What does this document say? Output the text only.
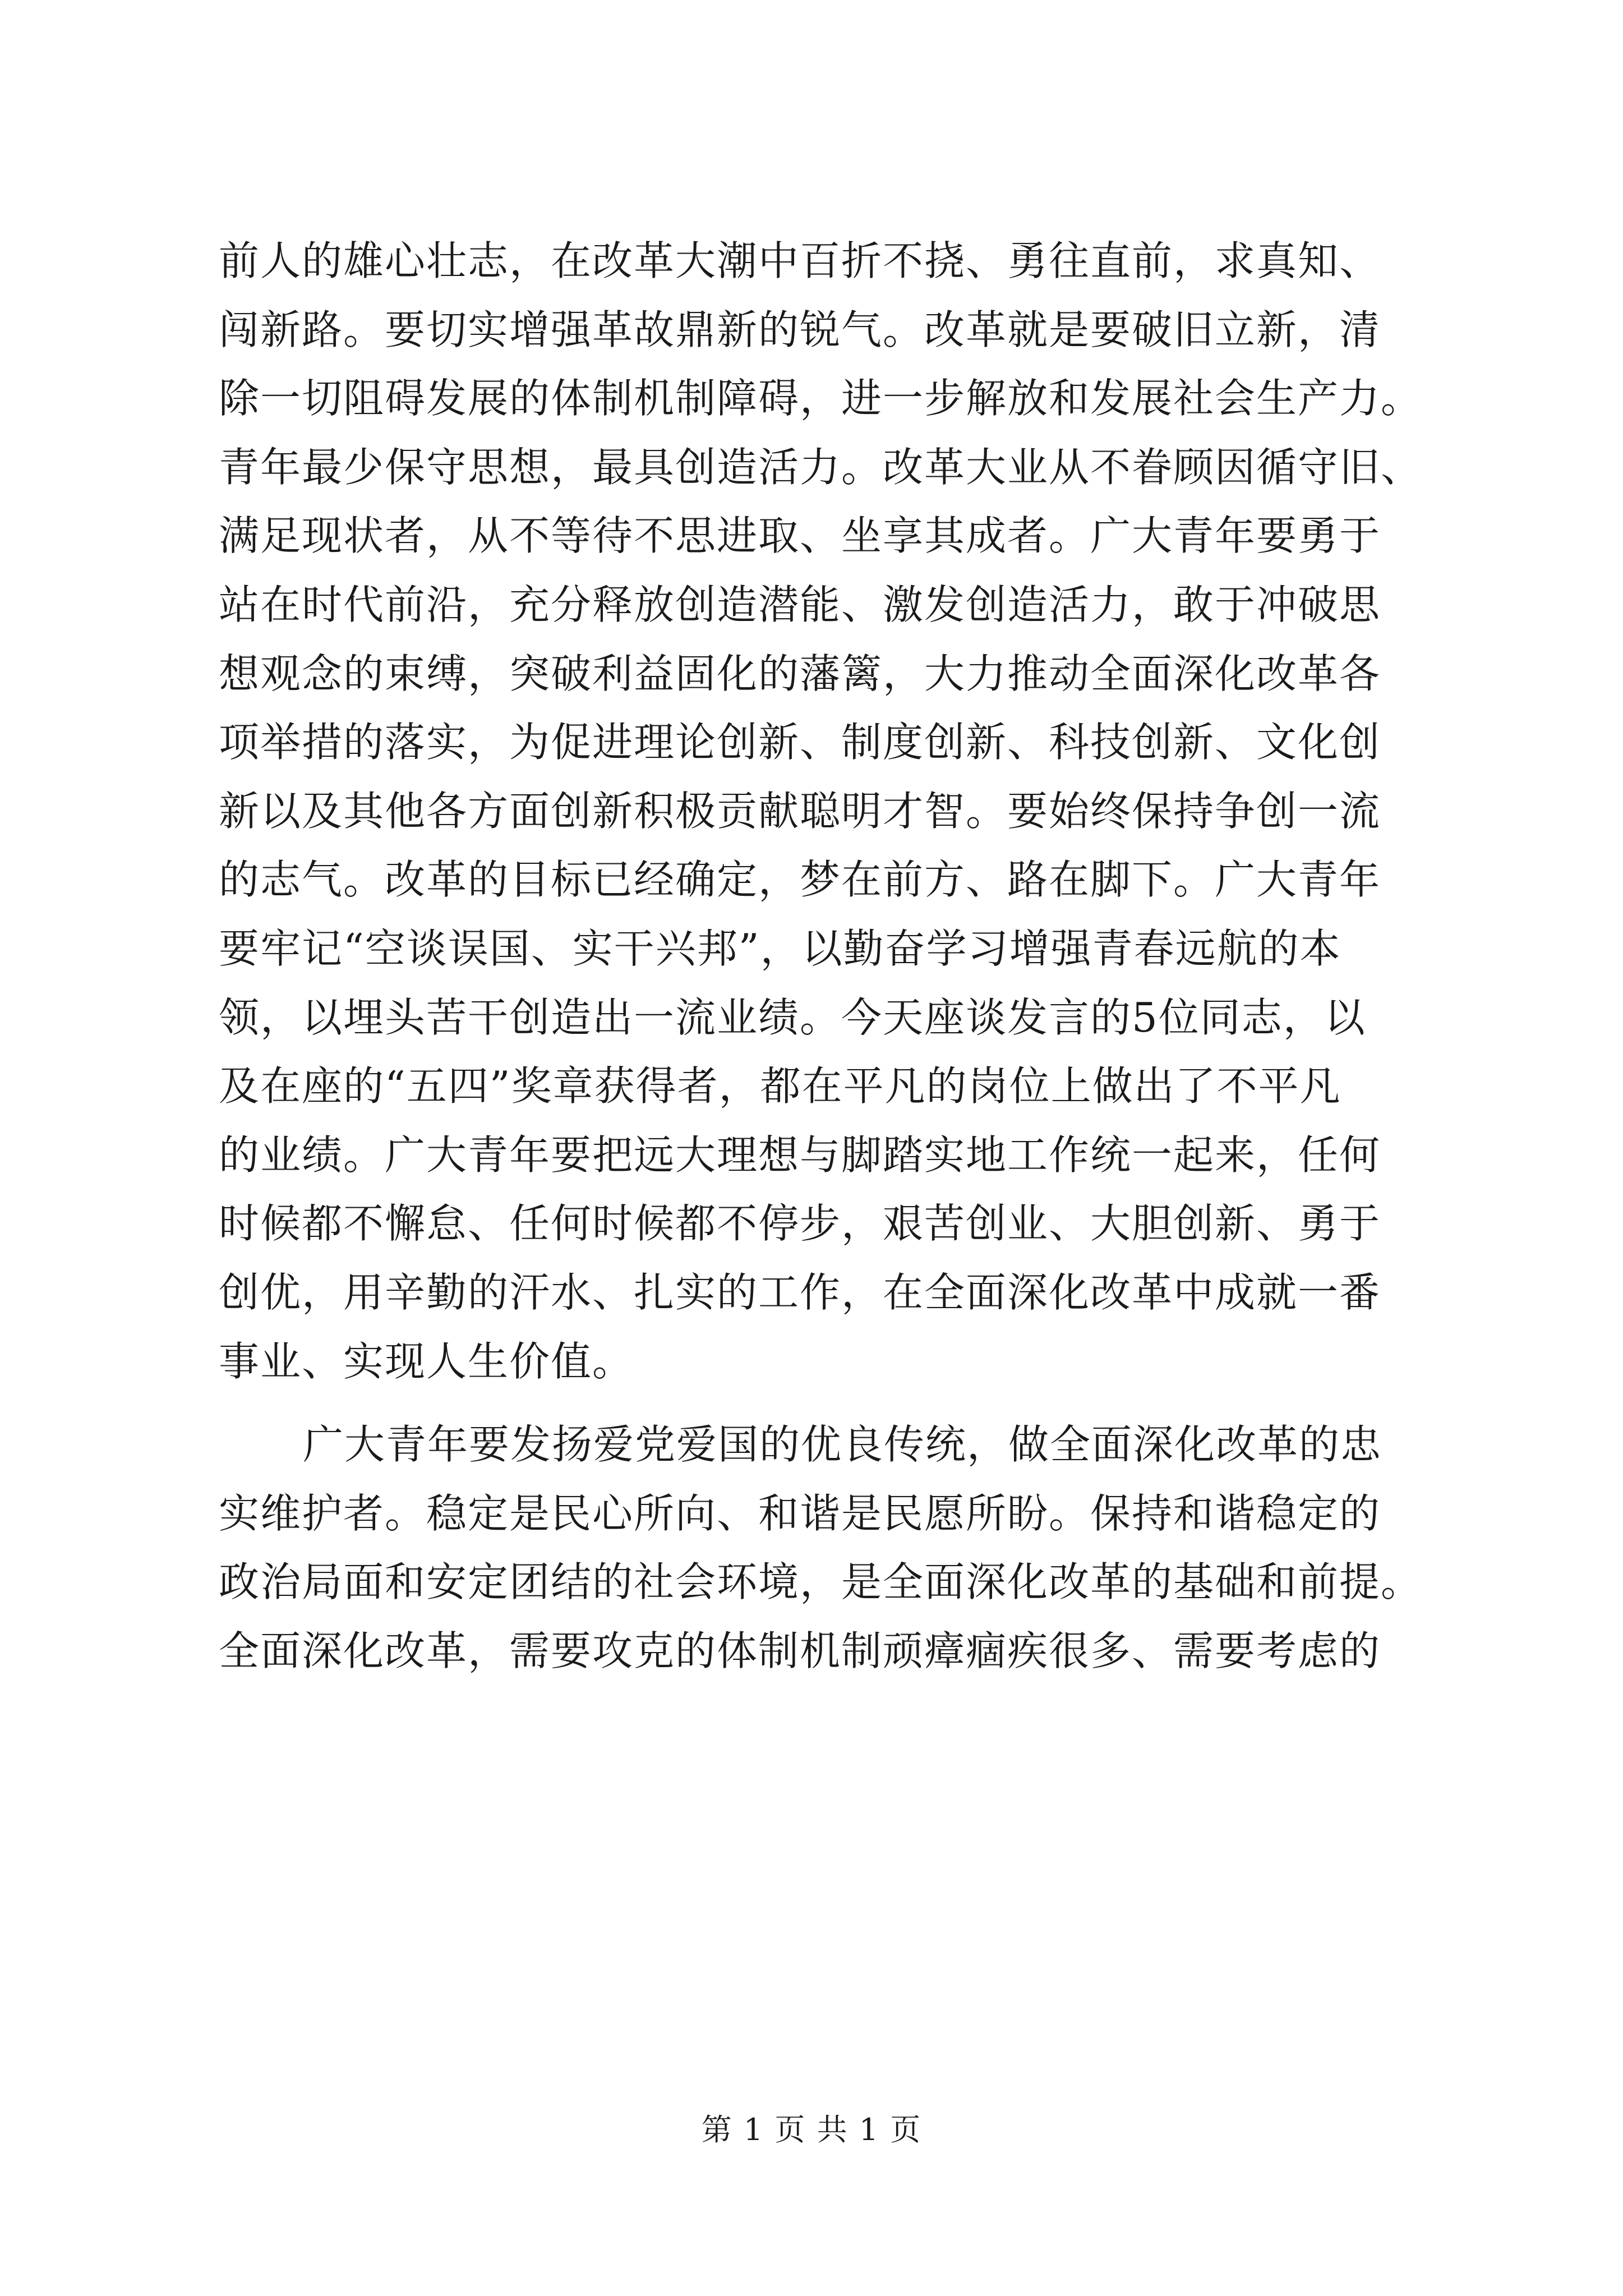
前人的雄心壮志，在改革大潮中百折不挠、勇往直前，求真知、
闯新路。要切实增强革故鼎新的锐气。改革就是要破旧立新，清
除一切阻碍发展的体制机制障碍，进一步解放和发展社会生产力。
青年最少保守思想，最具创造活力。改革大业从不眷顾因循守旧、
满足现状者，从不等待不思进取、坐享其成者。广大青年要勇于
站在时代前沿，充分释放创造潜能、激发创造活力，敢于冲破思
想观念的束缚，突破利益固化的藩篱，大力推动全面深化改革各
项举措的落实，为促进理论创新、制度创新、科技创新、文化创
新以及其他各方面创新积极贡献聪明才智。要始终保持争创一流
的志气。改革的目标已经确定，梦在前方、路在脚下。广大青年
要牢记“空谈误国、实干兴邦”，以勤奋学习增强青春远航的本
领，以埋头苦干创造出一流业绩。今天座谈发言的5位同志，以
及在座的“五四”奖章获得者，都在平凡的岗位上做出了不平凡
的业绩。广大青年要把远大理想与脚踏实地工作统一起来，任何
时候都不懈怠、任何时候都不停步，艰苦创业、大胆创新、勇于
创优，用辛勤的汗水、扎实的工作，在全面深化改革中成就一番
事业、实现人生价值。
广大青年要发扬爱党爱国的优良传统，做全面深化改革的忠
实维护者。稳定是民心所向、和谐是民愿所盼。保持和谐稳定的
政治局面和安定团结的社会环境，是全面深化改革的基础和前提。
全面深化改革，需要攻克的体制机制顽瘴痼疾很多、需要考虑的
第 1 页 共 1 页
